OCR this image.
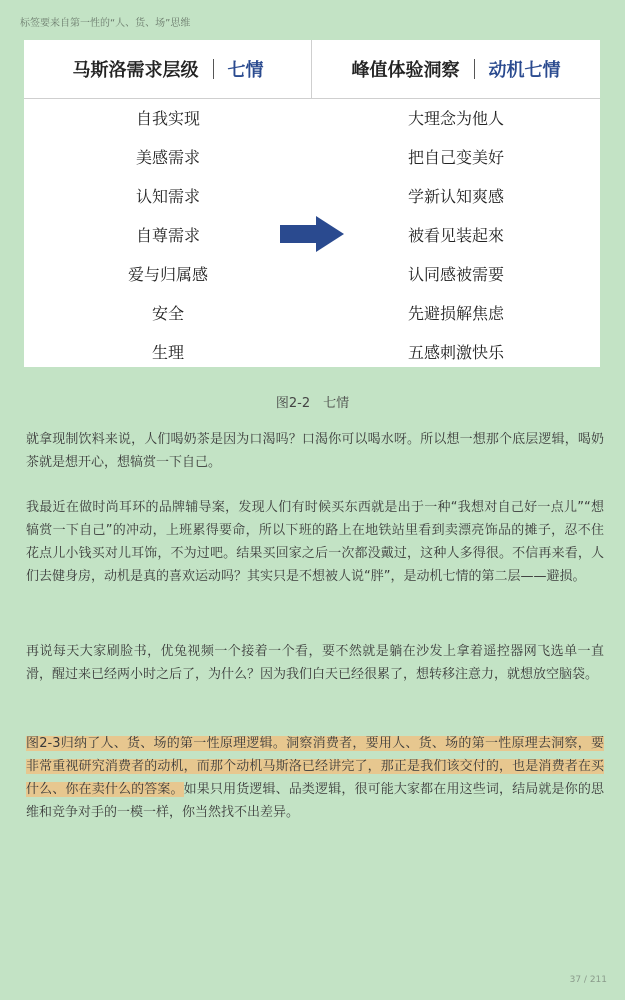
标签要来自第一性的“人、货、场”思维
马斯洛需求层级 七情
自我实现
美感需求
认知需求
自尊需求
爱与归属感
安全
生理
峰值体验洞察 动机七情
大理念为他人
把自己变美好
学新认知爽感
被看见装起來
认同感被需要
先避损解焦虑
五感刺激快乐
图2-2　七情

就拿现制饮料来说，人们喝奶茶是因为口渴吗？口渴你可以喝水呀。所以想一想那个底层逻辑，喝奶茶就是想开心，想犒赏一下自己。

我最近在做时尚耳环的品牌辅导案，发现人们有时候买东西就是出于一种“我想对自己好一点儿”“想犒赏一下自己”的冲动，上班累得要命，所以下班的路上在地铁站里看到卖漂亮饰品的摊子，忍不住花点儿小钱买对儿耳饰，不为过吧。结果买回家之后一次都没戴过，这种人多得很。不信再来看，人们去健身房，动机是真的喜欢运动吗？其实只是不想被人说“胖”，是动机七情的第二层——避损。

再说每天大家刷脸书，优兔视频一个接着一个看，要不然就是躺在沙发上拿着遥控器网飞选单一直滑，醒过来已经两小时之后了，为什么？因为我们白天已经很累了，想转移注意力，就想放空脑袋。

图2-3归纳了人、货、场的第一性原理逻辑。洞察消费者，要用人、货、场的第一性原理去洞察，要非常重视研究消费者的动机，而那个动机马斯洛已经讲完了，那正是我们该交付的，也是消费者在买什么、你在卖什么的答案。如果只用货逻辑、品类逻辑，很可能大家都在用这些词，结局就是你的思维和竞争对手的一模一样，你当然找不出差异。

37 / 211
